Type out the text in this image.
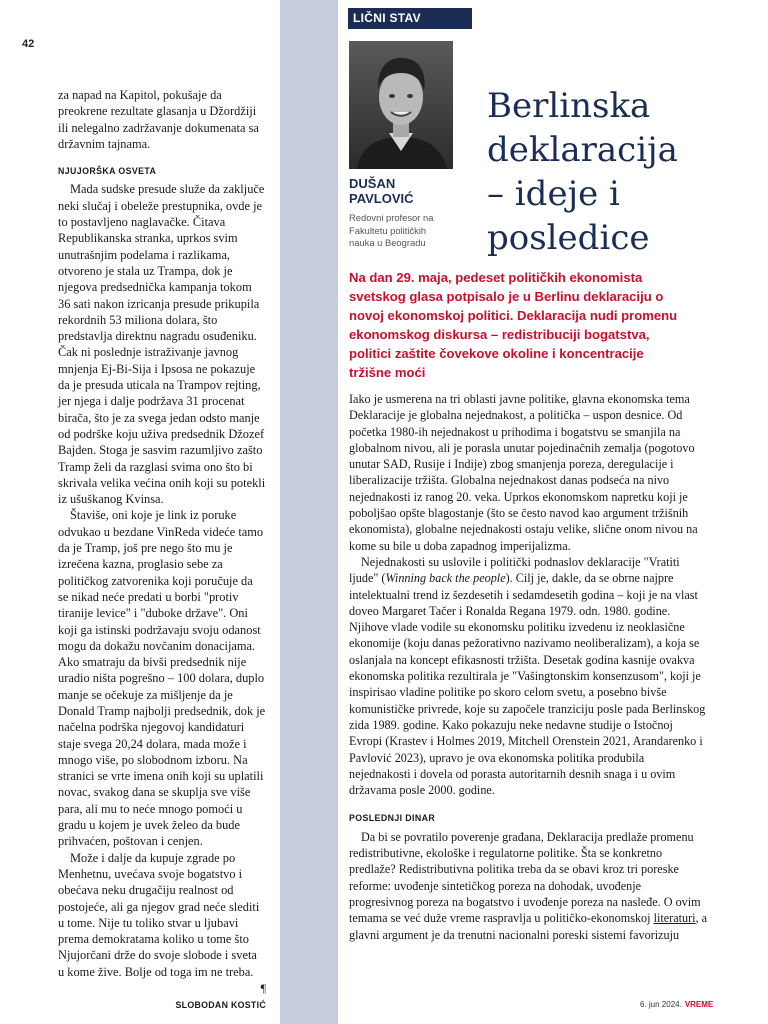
42

za napad na Kapitol, pokušaje da preokrene rezultate glasanja u Džordžiji ili nelegalno zadržavanje dokumenata sa državnim tajnama.

NJUJORŠKA OSVETA

Mada sudske presude služe da zaključe neki slučaj i obeleže prestupnika, ovde je to postavljeno naglavačke. Čitava Republikanska stranka, uprkos svim unutrašnjim podelama i razlikama, otvoreno je stala uz Trampa, dok je njegova predsednička kampanja tokom 36 sati nakon izricanja presude prikupila rekordnih 53 miliona dolara, što predstavlja direktnu nagradu osuđeniku. Čak ni poslednje istraživanje javnog mnjenja Ej-Bi-Sija i Ipsosa ne pokazuje da je presuda uticala na Trampov rejting, jer njega i dalje podržava 31 procenat birača, što je za svega jedan odsto manje od podrške koju uživa predsednik Džozef Bajden. Stoga je sasvim razumljivo zašto Tramp želi da razglasi svima ono što bi skrivala velika većina onih koji su potekli iz ušuškanog Kvinsa.

Štaviše, oni koje je link iz poruke odvukao u bezdane VinReda videće tamo da je Tramp, još pre nego što mu je izrečena kazna, proglasio sebe za političkog zatvorenika koji poručuje da se nikad neće predati u borbi "protiv tiranije levice" i "duboke države". Oni koji ga istinski podržavaju svoju odanost mogu da dokažu novčanim donacijama. Ako smatraju da bivši predsednik nije uradio ništa pogrešno – 100 dolara, duplo manje se očekuje za mišljenje da je Donald Tramp najbolji predsednik, dok je načelna podrška njegovoj kandidaturi staje svega 20,24 dolara, mada može i mnogo više, po slobodnom izboru. Na stranici se vrte imena onih koji su uplatili novac, svakog dana se skuplja sve više para, ali mu to neće mnogo pomoći u gradu u kojem je uvek želeo da bude prihvaćen, poštovan i cenjen.

Može i dalje da kupuje zgrade po Menhetnu, uvećava svoje bogatstvo i obećava neku drugačiju realnost od postojeće, ali ga njegov grad neće slediti u tome. Nije tu toliko stvar u ljubavi prema demokratama koliko u tome što Njujorčani drže do svoje slobode i sveta u kome žive. Bolje od toga im ne treba.
¶

SLOBODAN KOSTIĆ
LIČNI STAV
DUŠAN
PAVLOVIĆ
Redovni profesor na Fakultetu političkih nauka u Beogradu
Berlinska
deklaracija
– ideje i
posledice
Na dan 29. maja, pedeset političkih ekonomista svetskog glasa potpisalo je u Berlinu deklaraciju o novoj ekonomskoj politici. Deklaracija nudi promenu ekonomskog diskursa – redistribuciji bogatstva, politici zaštite čovekove okoline i koncentracije tržišne moći

Iako je usmerena na tri oblasti javne politike, glavna ekonomska tema Deklaracije je globalna nejednakost, a politička – uspon desnice. Od početka 1980-ih nejednakost u prihodima i bogatstvu se smanjila na globalnom nivou, ali je porasla unutar pojedinačnih zemalja (pogotovo unutar SAD, Rusije i Indije) zbog smanjenja poreza, deregulacije i liberalizacije tržišta. Globalna nejednakost danas podseća na nivo nejednakosti iz ranog 20. veka. Uprkos ekonomskom napretku koji je poboljšao opšte blagostanje (što se često navod kao argument tržišnih ekonomista), globalne nejednakosti ostaju velike, slične onom nivou na kome su bile u doba zapadnog imperijalizma.

Nejednakosti su uslovile i politički podnaslov deklaracije "Vratiti ljude" (Winning back the people). Cilj je, dakle, da se obrne najpre intelektualni trend iz šezdesetih i sedamdesetih godina – koji je na vlast doveo Margaret Tačer i Ronalda Regana 1979. odn. 1980. godine. Njihove vlade vodile su ekonomsku politiku izvedenu iz neoklasične ekonomije (koju danas pežorativno nazivamo neoliberalizam), a koja se oslanjala na koncept efikasnosti tržišta. Desetak godina kasnije ovakva ekonomska politika rezultirala je "Vašingtonskim konsenzusom", koji je inspirisao vladine politike po skoro celom svetu, a posebno bivše komunističke privrede, koje su započele tranziciju posle pada Berlinskog zida 1989. godine. Kako pokazuju neke nedavne studije o Istočnoj Evropi (Krastev i Holmes 2019, Mitchell Orenstein 2021, Arandarenko i Pavlović 2023), upravo je ova ekonomska politika produbila nejednakosti i dovela od porasta autoritarnih desnih snaga i u ovim državama posle 2000. godine.

POSLEDNJI DINAR

Da bi se povratilo poverenje građana, Deklaracija predlaže promenu redistributivne, ekološke i regulatorne politike. Šta se konkretno predlaže? Redistributivna politika treba da se obavi kroz tri poreske reforme: uvođenje sintetičkog poreza na dohodak, uvođenje progresivnog poreza na bogatstvo i uvođenje poreza na nasleđe. O ovim temama se već duže vreme raspravlja u političko-ekonomskoj literaturi, a glavni argument je da trenutni nacionalni poreski sistemi favorizuju

6. jun 2024. VREME
